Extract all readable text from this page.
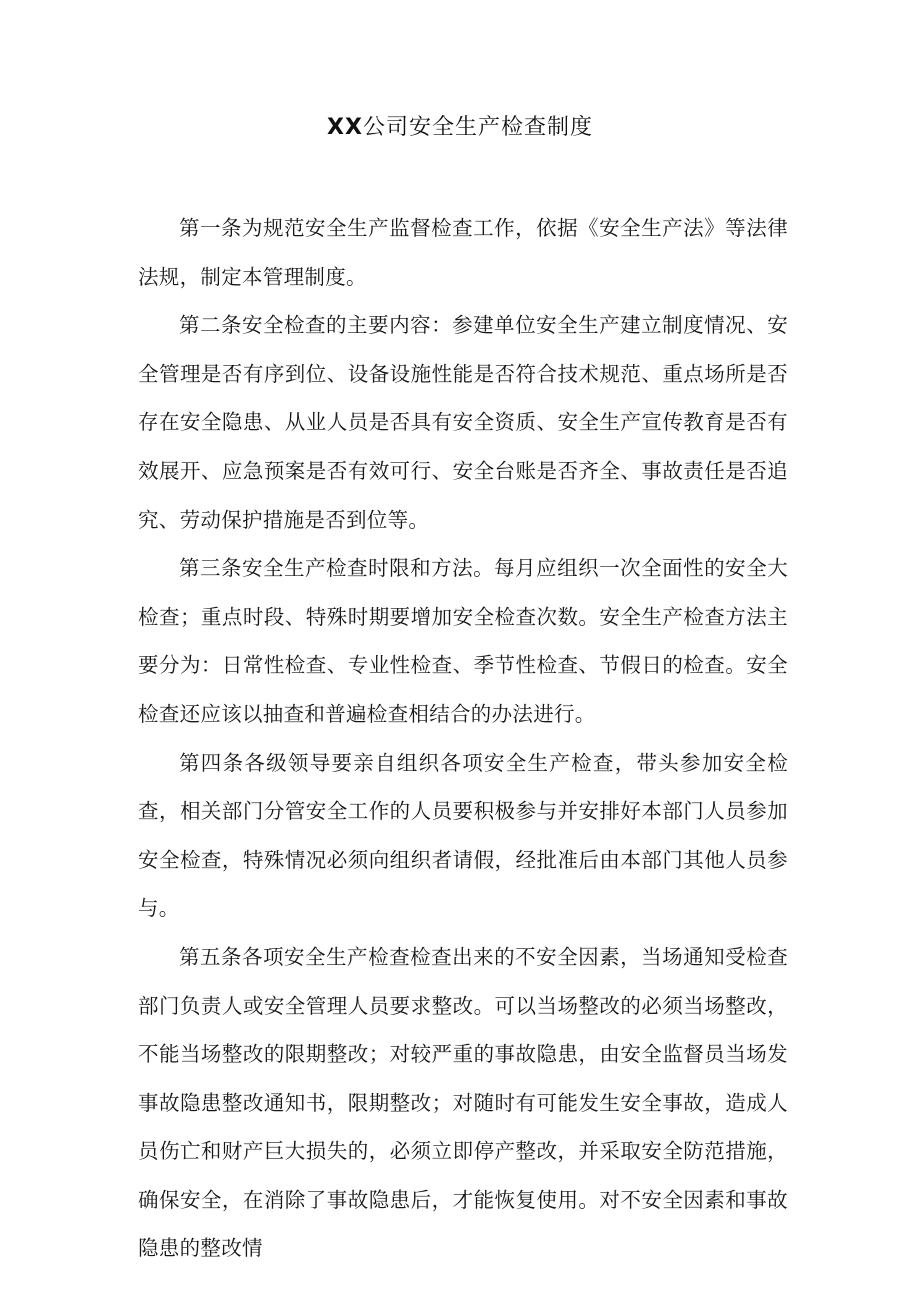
XX公司安全生产检查制度

第一条为规范安全生产监督检查工作，依据《安全生产法》等法律法规，制定本管理制度。

第二条安全检查的主要内容：参建单位安全生产建立制度情况、安全管理是否有序到位、设备设施性能是否符合技术规范、重点场所是否存在安全隐患、从业人员是否具有安全资质、安全生产宣传教育是否有效展开、应急预案是否有效可行、安全台账是否齐全、事故责任是否追究、劳动保护措施是否到位等。

第三条安全生产检查时限和方法。每月应组织一次全面性的安全大检查；重点时段、特殊时期要增加安全检查次数。安全生产检查方法主要分为：日常性检查、专业性检查、季节性检查、节假日的检查。安全检查还应该以抽查和普遍检查相结合的办法进行。

第四条各级领导要亲自组织各项安全生产检查，带头参加安全检查，相关部门分管安全工作的人员要积极参与并安排好本部门人员参加安全检查，特殊情况必须向组织者请假，经批准后由本部门其他人员参与。

第五条各项安全生产检查检查出来的不安全因素，当场通知受检查部门负责人或安全管理人员要求整改。可以当场整改的必须当场整改，不能当场整改的限期整改；对较严重的事故隐患，由安全监督员当场发事故隐患整改通知书，限期整改；对随时有可能发生安全事故，造成人员伤亡和财产巨大损失的，必须立即停产整改，并采取安全防范措施，确保安全，在消除了事故隐患后，才能恢复使用。对不安全因素和事故隐患的整改情
